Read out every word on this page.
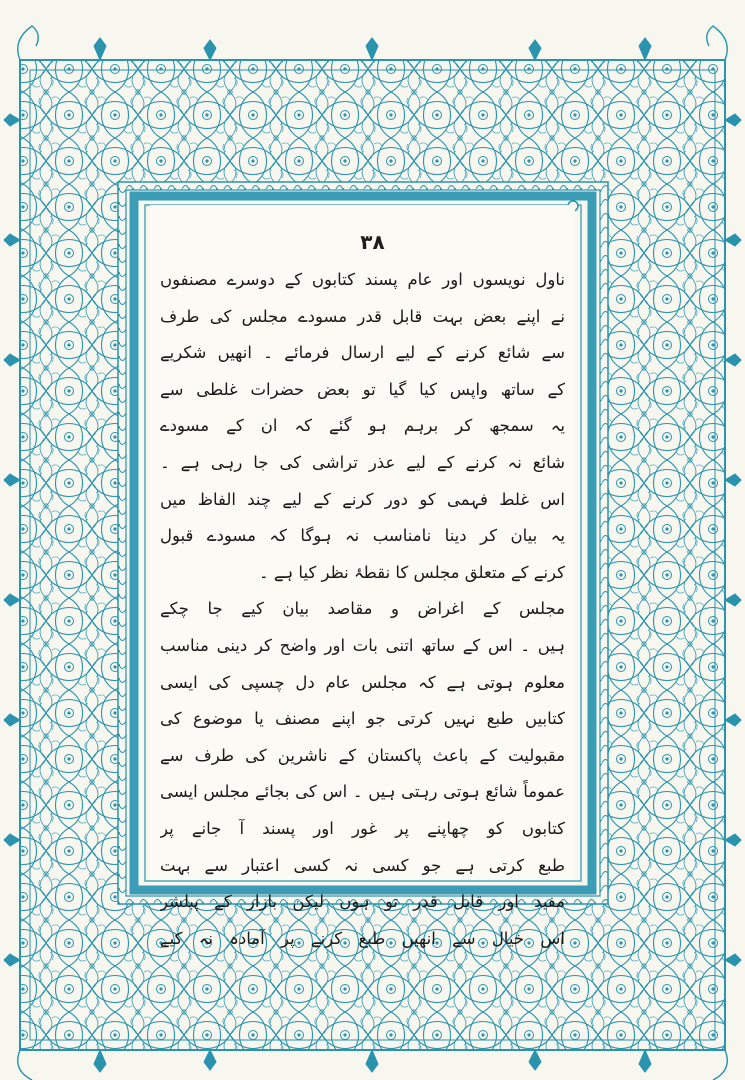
۳۸
ناول نویسوں اور عام پسند کتابوں کے دوسرے مصنفوں
نے اپنے بعض بہت قابل قدر مسودے مجلس کی طرف
سے شائع کرنے کے لیے ارسال فرمائے ۔ انھیں شکریے
کے ساتھ واپس کیا گیا تو بعض حضرات غلطی سے
یہ سمجھ کر برہم ہو گئے کہ ان کے مسودے
شائع نہ کرنے کے لیے عذر تراشی کی جا رہی ہے ۔
اس غلط فہمی کو دور کرنے کے لیے چند الفاظ میں
یہ بیان کر دینا نامناسب نہ ہوگا کہ مسودے قبول
کرنے کے متعلق مجلس کا نقطۂ نظر کیا ہے ۔
مجلس کے اغراض و مقاصد بیان کیے جا چکے
ہیں ۔ اس کے ساتھ اتنی بات اور واضح کر دینی مناسب
معلوم ہوتی ہے کہ مجلس عام دل چسپی کی ایسی
کتابیں طبع نہیں کرتی جو اپنے مصنف یا موضوع کی
مقبولیت کے باعث پاکستان کے ناشرین کی طرف سے
عموماً شائع ہوتی رہتی ہیں ۔ اس کی بجائے مجلس ایسی
کتابوں کو چھاپنے پر غور اور پسند آ جانے پر
طبع کرتی ہے جو کسی نہ کسی اعتبار سے بہت
مفید اور قابل قدر تو ہوں لیکن بازار کے پبلشر
اس خیال سے انھیں طبع کرنے پر آمادہ نہ کیے
